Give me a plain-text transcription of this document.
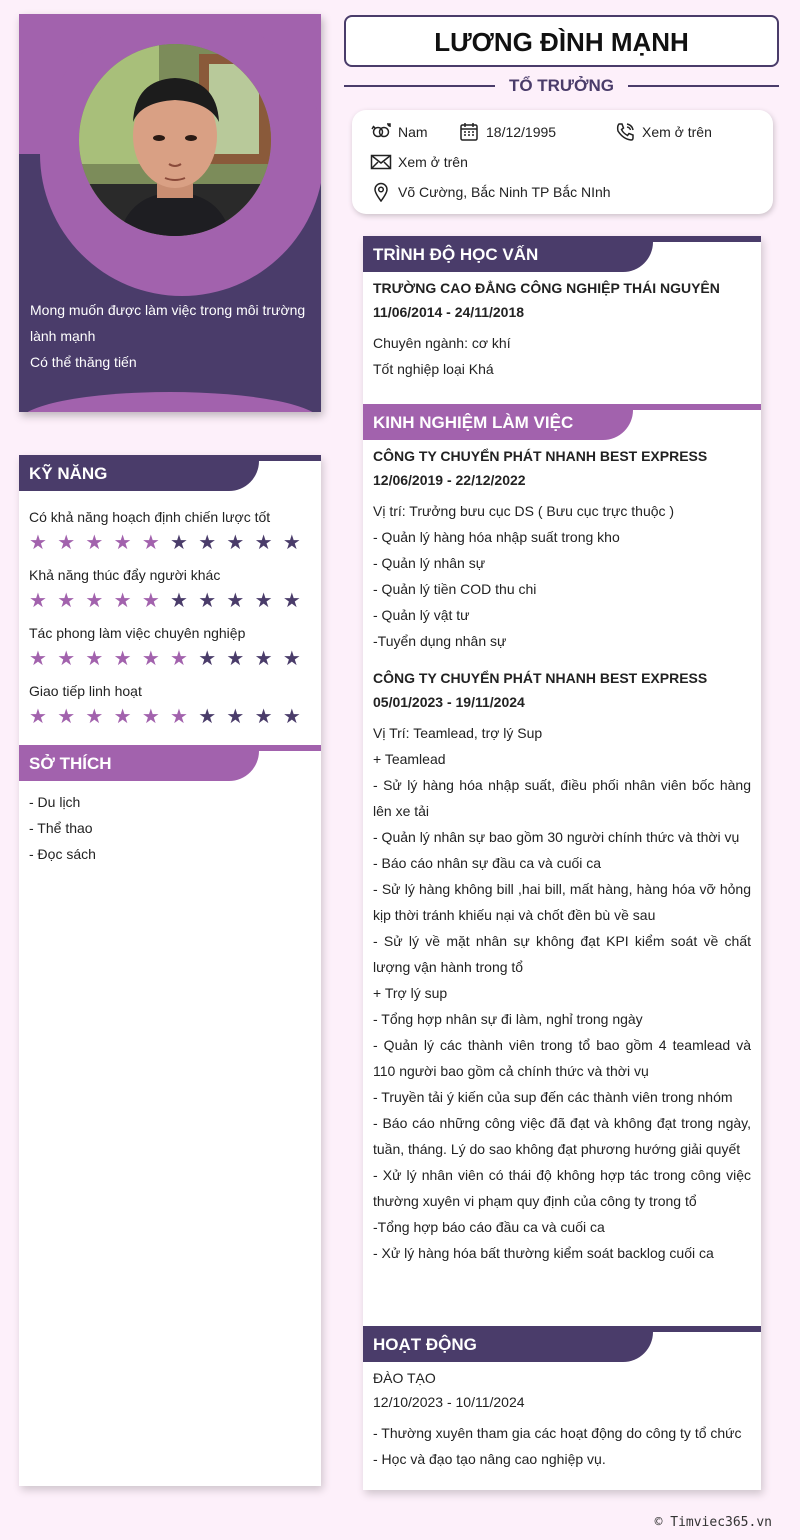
Mong muốn được làm việc trong môi trường lành mạnh
Có thể thăng tiến
KỸ NĂNG
Có khả năng hoạch định chiến lược tốt
★ ★ ★ ★ ★ ★ ★ ★ ★ ★
Khả năng thúc đẩy người khác
★ ★ ★ ★ ★ ★ ★ ★ ★ ★
Tác phong làm việc chuyên nghiệp
★ ★ ★ ★ ★ ★ ★ ★ ★ ★
Giao tiếp linh hoạt
★ ★ ★ ★ ★ ★ ★ ★ ★ ★
SỞ THÍCH
- Du lịch
- Thể thao
- Đọc sách
LƯƠNG ĐÌNH MẠNH
TỔ TRƯỞNG
Nam	18/12/1995	Xem ở trên
Xem ở trên
Võ Cường, Bắc Ninh TP Bắc NInh
TRÌNH ĐỘ HỌC VẤN
TRƯỜNG CAO ĐẲNG CÔNG NGHIỆP THÁI NGUYÊN
11/06/2014 - 24/11/2018
Chuyên ngành: cơ khí
Tốt nghiệp loại Khá
KINH NGHIỆM LÀM VIỆC
CÔNG TY CHUYỂN PHÁT NHANH BEST EXPRESS
12/06/2019 - 22/12/2022
Vị trí: Trưởng bưu cục DS ( Bưu cục trực thuộc )
- Quản lý hàng hóa nhập suất trong kho
- Quản lý nhân sự
- Quản lý tiền COD thu chi
- Quản lý vật tư
-Tuyển dụng nhân sự
CÔNG TY CHUYỂN PHÁT NHANH BEST EXPRESS
05/01/2023 - 19/11/2024
Vị Trí: Teamlead, trợ lý Sup
+ Teamlead
- Sử lý hàng hóa nhập suất, điều phối nhân viên bốc hàng lên xe tải
- Quản lý nhân sự bao gồm 30 người chính thức và thời vụ
- Báo cáo nhân sự đầu ca và cuối ca
- Sử lý hàng không bill ,hai bill, mất hàng, hàng hóa vỡ hỏng kịp thời tránh khiếu nại và chốt đền bù về sau
- Sử lý về mặt nhân sự không đạt KPI kiểm soát về chất lượng vận hành trong tổ
+ Trợ lý sup
- Tổng hợp nhân sự đi làm, nghỉ trong ngày
- Quản lý các thành viên trong tổ bao gồm 4 teamlead và 110 người bao gồm cả chính thức và thời vụ
- Truyền tải ý kiến của sup đến các thành viên trong nhóm
- Báo cáo những công việc đã đạt và không đạt trong ngày, tuần, tháng. Lý do sao không đạt phương hướng giải quyết
- Xử lý nhân viên có thái độ không hợp tác trong công việc thường xuyên vi phạm quy định của công ty trong tổ
-Tổng hợp báo cáo đầu ca và cuối ca
- Xử lý hàng hóa bất thường kiểm soát backlog cuối ca
HOẠT ĐỘNG
ĐÀO TẠO
12/10/2023 - 10/11/2024
- Thường xuyên tham gia các hoạt động do công ty tổ chức
- Học và đạo tạo nâng cao nghiệp vụ.
© Timviec365.vn
